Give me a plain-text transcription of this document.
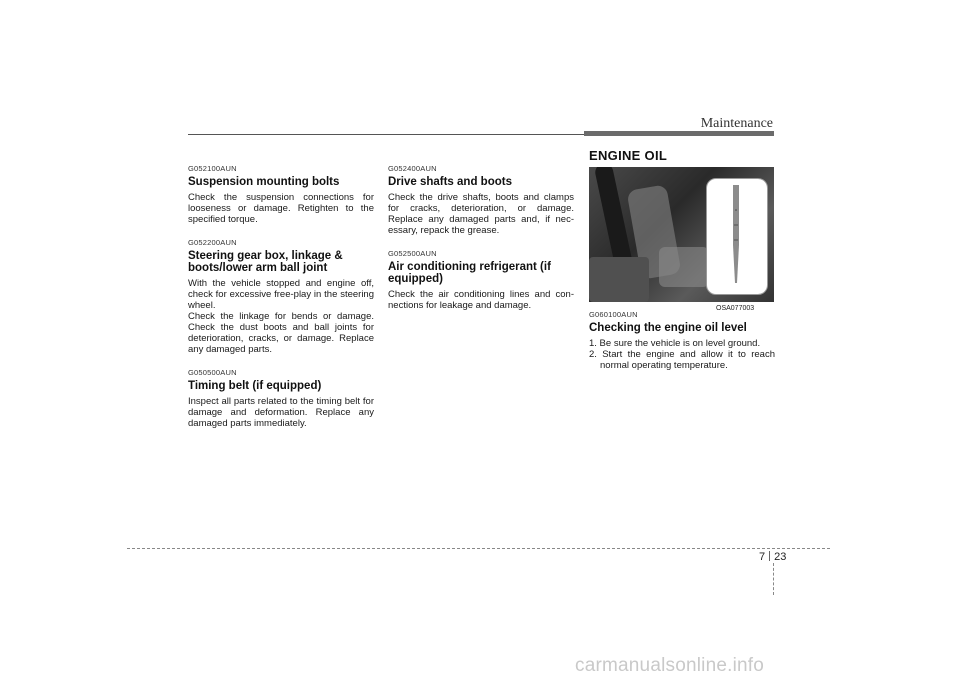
Maintenance
G052100AUN
Suspension mounting bolts

Check the suspension connections for looseness or damage. Retighten to the specified torque.

G052200AUN
Steering gear box, linkage & boots/lower arm ball joint

With the vehicle stopped and engine off, check for excessive free-play in the steering wheel.

Check the linkage for bends or damage. Check the dust boots and ball joints for deterioration, cracks, or damage. Replace any damaged parts.

G050500AUN
Timing belt (if equipped)

Inspect all parts related to the timing belt for damage and deformation. Replace any damaged parts immediately.

G052400AUN
Drive shafts and boots

Check the drive shafts, boots and clamps for cracks, deterioration, or damage. Replace any damaged parts and, if nec-essary, repack the grease.

G052500AUN
Air conditioning refrigerant (if equipped)

Check the air conditioning lines and con-nections for leakage and damage.

ENGINE OIL
OSA077003
G060100AUN
Checking the engine oil level
1. Be sure the vehicle is on level ground.
2. Start the engine and allow it to reach normal operating temperature.
7 23
carmanualsonline.info
